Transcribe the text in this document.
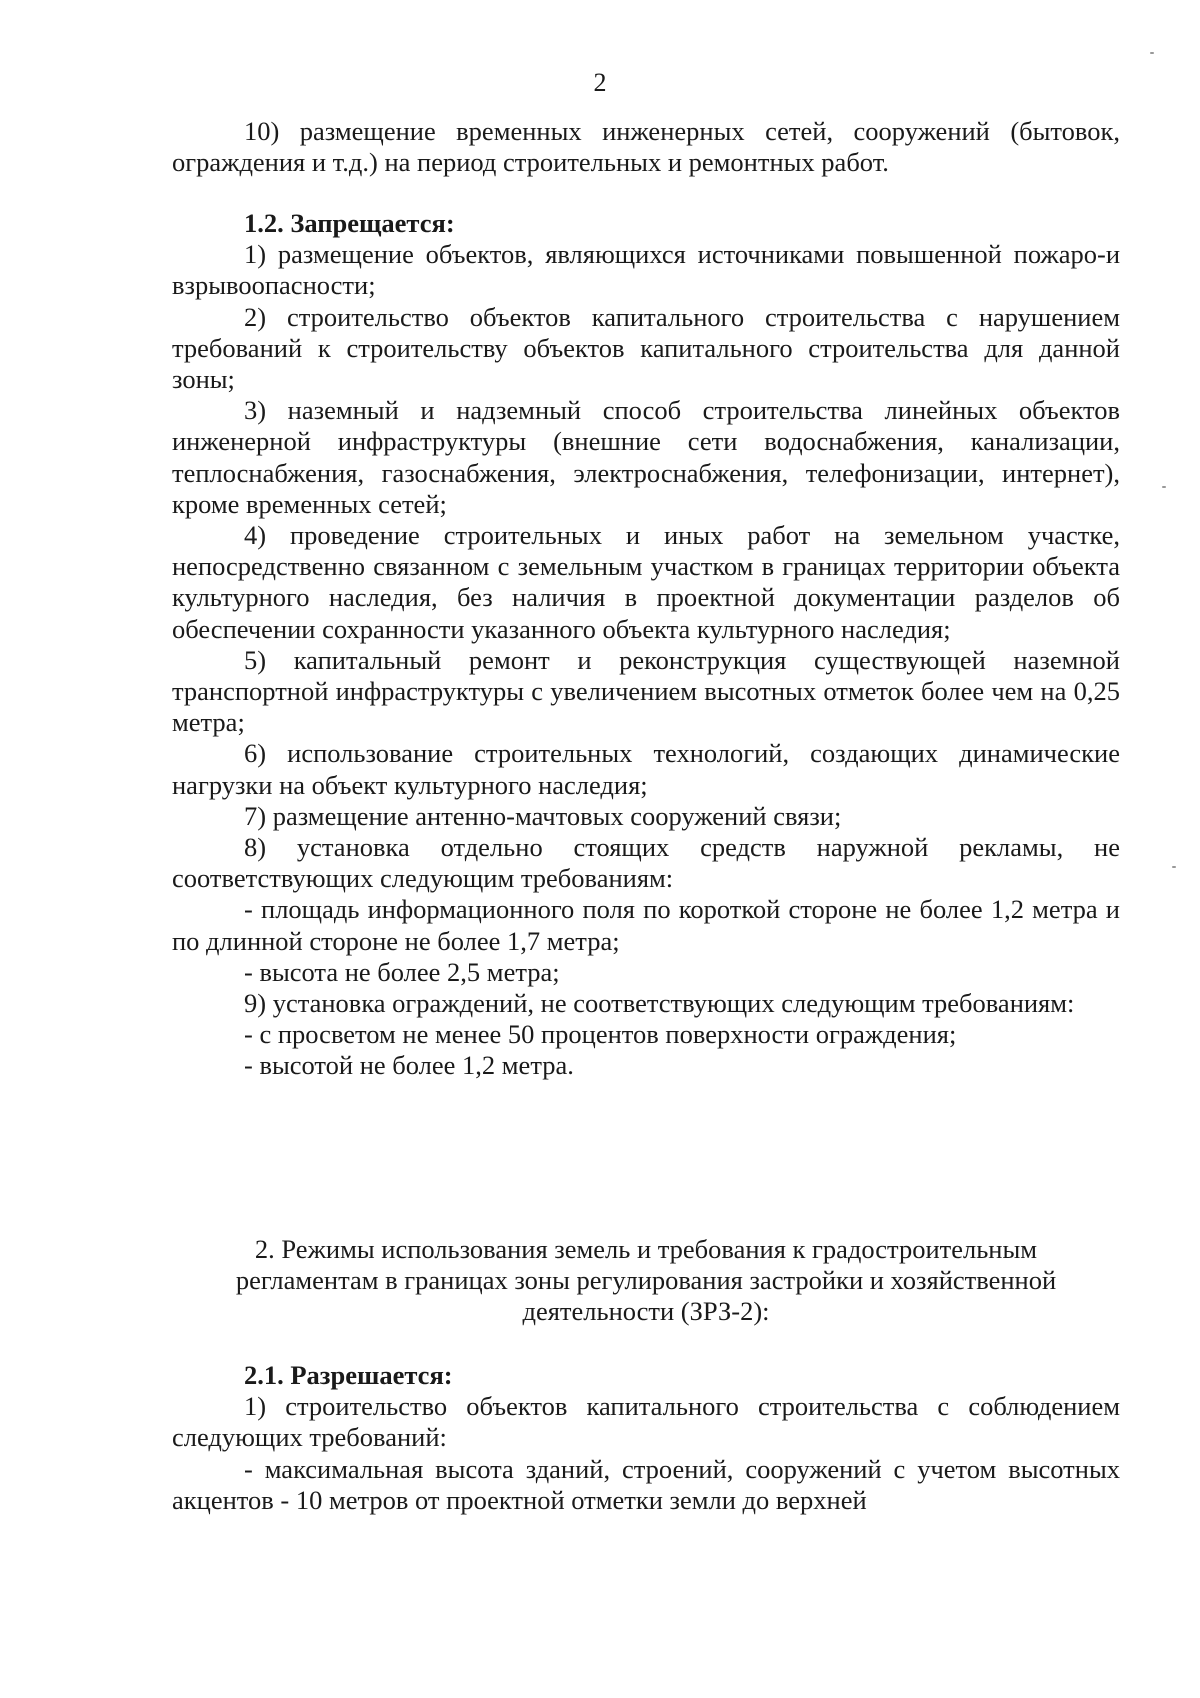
2

10) размещение временных инженерных сетей, сооружений (бытовок, ограждения и т.д.) на период строительных и ремонтных работ.

1.2. Запрещается:

1) размещение объектов, являющихся источниками повышенной пожаро-и взрывоопасности;

2) строительство объектов капитального строительства с нарушением требований к строительству объектов капитального строительства для данной зоны;

3) наземный и надземный способ строительства линейных объектов инженерной инфраструктуры (внешние сети водоснабжения, канализации, теплоснабжения, газоснабжения, электроснабжения, телефонизации, интернет), кроме временных сетей;

4) проведение строительных и иных работ на земельном участке, непосредственно связанном с земельным участком в границах территории объекта культурного наследия, без наличия в проектной документации разделов об обеспечении сохранности указанного объекта культурного наследия;

5) капитальный ремонт и реконструкция существующей наземной транспортной инфраструктуры с увеличением высотных отметок более чем на 0,25 метра;

6) использование строительных технологий, создающих динамические нагрузки на объект культурного наследия;

7) размещение антенно-мачтовых сооружений связи;

8) установка отдельно стоящих средств наружной рекламы, не соответствующих следующим требованиям:

- площадь информационного поля по короткой стороне не более 1,2 метра и по длинной стороне не более 1,7 метра;

- высота не более 2,5 метра;

9) установка ограждений, не соответствующих следующим требованиям:

- с просветом не менее 50 процентов поверхности ограждения;

- высотой не более 1,2 метра.

2. Режимы использования земель и требования к градостроительным

регламентам в границах зоны регулирования застройки и хозяйственной

деятельности (ЗРЗ-2):

2.1. Разрешается:

1) строительство объектов капитального строительства с соблюдением следующих требований:

- максимальная высота зданий, строений, сооружений с учетом высотных акцентов - 10 метров от проектной отметки земли до верхней
